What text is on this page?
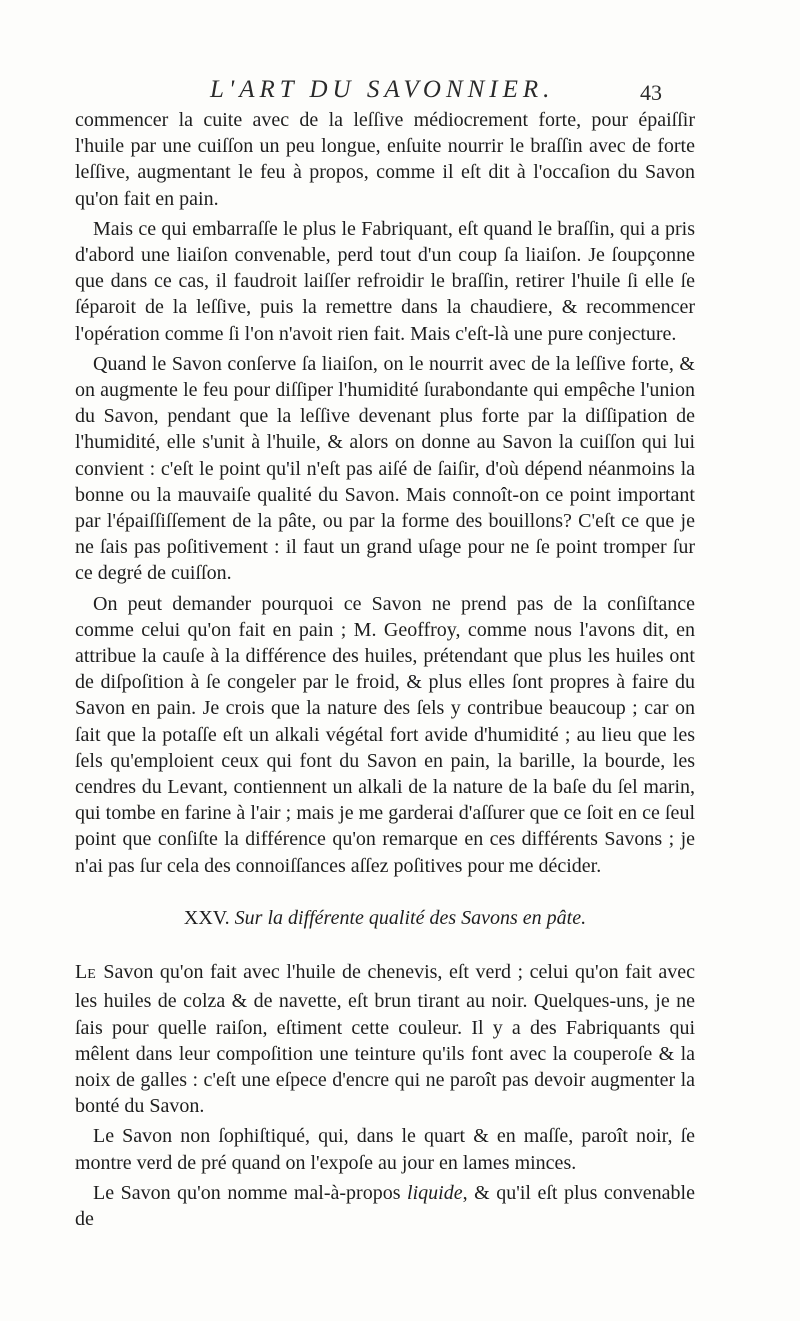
L'ART DU SAVONNIER.	43

commencer la cuite avec de la leſſive médiocrement forte, pour épaiſſir l'huile par une cuiſſon un peu longue, enſuite nourrir le braſſin avec de forte leſſive, augmentant le feu à propos, comme il eſt dit à l'occaſion du Savon qu'on fait en pain.

Mais ce qui embarraſſe le plus le Fabriquant, eſt quand le braſſin, qui a pris d'abord une liaiſon convenable, perd tout d'un coup ſa liaiſon. Je ſoupçonne que dans ce cas, il faudroit laiſſer refroidir le braſſin, retirer l'huile ſi elle ſe ſéparoit de la leſſive, puis la remettre dans la chaudiere, & recommencer l'opération comme ſi l'on n'avoit rien fait. Mais c'eſt-là une pure conjecture.

Quand le Savon conſerve ſa liaiſon, on le nourrit avec de la leſſive forte, & on augmente le feu pour diſſiper l'humidité ſurabondante qui empêche l'union du Savon, pendant que la leſſive devenant plus forte par la diſſipation de l'humidité, elle s'unit à l'huile, & alors on donne au Savon la cuiſſon qui lui convient : c'eſt le point qu'il n'eſt pas aiſé de ſaiſir, d'où dépend néanmoins la bonne ou la mauvaiſe qualité du Savon. Mais connoît-on ce point important par l'épaiſſiſſement de la pâte, ou par la forme des bouillons? C'eſt ce que je ne ſais pas poſitivement : il faut un grand uſage pour ne ſe point tromper ſur ce degré de cuiſſon.

On peut demander pourquoi ce Savon ne prend pas de la conſiſtance comme celui qu'on fait en pain ; M. Geoffroy, comme nous l'avons dit, en attribue la cauſe à la différence des huiles, prétendant que plus les huiles ont de diſpoſition à ſe congeler par le froid, & plus elles ſont propres à faire du Savon en pain. Je crois que la nature des ſels y contribue beaucoup ; car on ſait que la potaſſe eſt un alkali végétal fort avide d'humidité ; au lieu que les ſels qu'emploient ceux qui font du Savon en pain, la barille, la bourde, les cendres du Levant, contiennent un alkali de la nature de la baſe du ſel marin, qui tombe en farine à l'air ; mais je me garderai d'aſſurer que ce ſoit en ce ſeul point que conſiſte la différence qu'on remarque en ces différents Savons ; je n'ai pas ſur cela des connoiſſances aſſez poſitives pour me décider.

XXV. Sur la différente qualité des Savons en pâte.

LE Savon qu'on fait avec l'huile de chenevis, eſt verd ; celui qu'on fait avec les huiles de colza & de navette, eſt brun tirant au noir. Quelques-uns, je ne ſais pour quelle raiſon, eſtiment cette couleur. Il y a des Fabriquants qui mêlent dans leur compoſition une teinture qu'ils font avec la couperoſe & la noix de galles : c'eſt une eſpece d'encre qui ne paroît pas devoir augmenter la bonté du Savon.

Le Savon non ſophiſtiqué, qui, dans le quart & en maſſe, paroît noir, ſe montre verd de pré quand on l'expoſe au jour en lames minces.

Le Savon qu'on nomme mal-à-propos liquide, & qu'il eſt plus convenable de
